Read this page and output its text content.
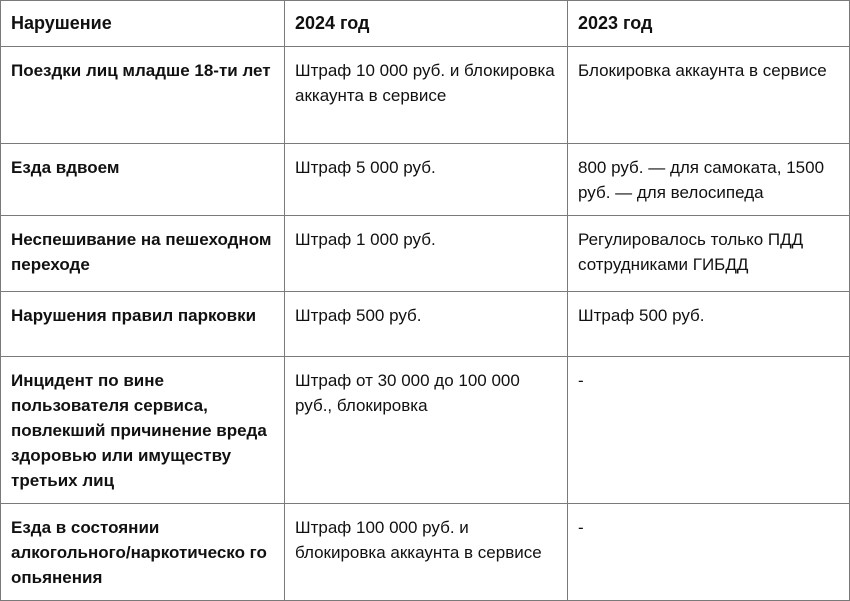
Нарушение	2024 год	2023 год
Поездки лиц младше 18-ти лет	Штраф 10 000 руб. и блокировка аккаунта в сервисе	Блокировка аккаунта в сервисе
Езда вдвоем	Штраф 5 000 руб.	800 руб. — для самоката, 1500 руб. — для велосипеда
Неспешивание на пешеходном переходе	Штраф 1 000 руб.	Регулировалось только ПДД сотрудниками ГИБДД
Нарушения правил парковки	Штраф 500 руб.	Штраф 500 руб.
Инцидент по вине пользователя сервиса, повлекший причинение вреда здоровью или имуществу третьих лиц	Штраф от 30 000 до 100 000 руб., блокировка	-
Езда в состоянии алкогольного/наркотическо го опьянения	Штраф 100 000 руб. и блокировка аккаунта в сервисе	-
